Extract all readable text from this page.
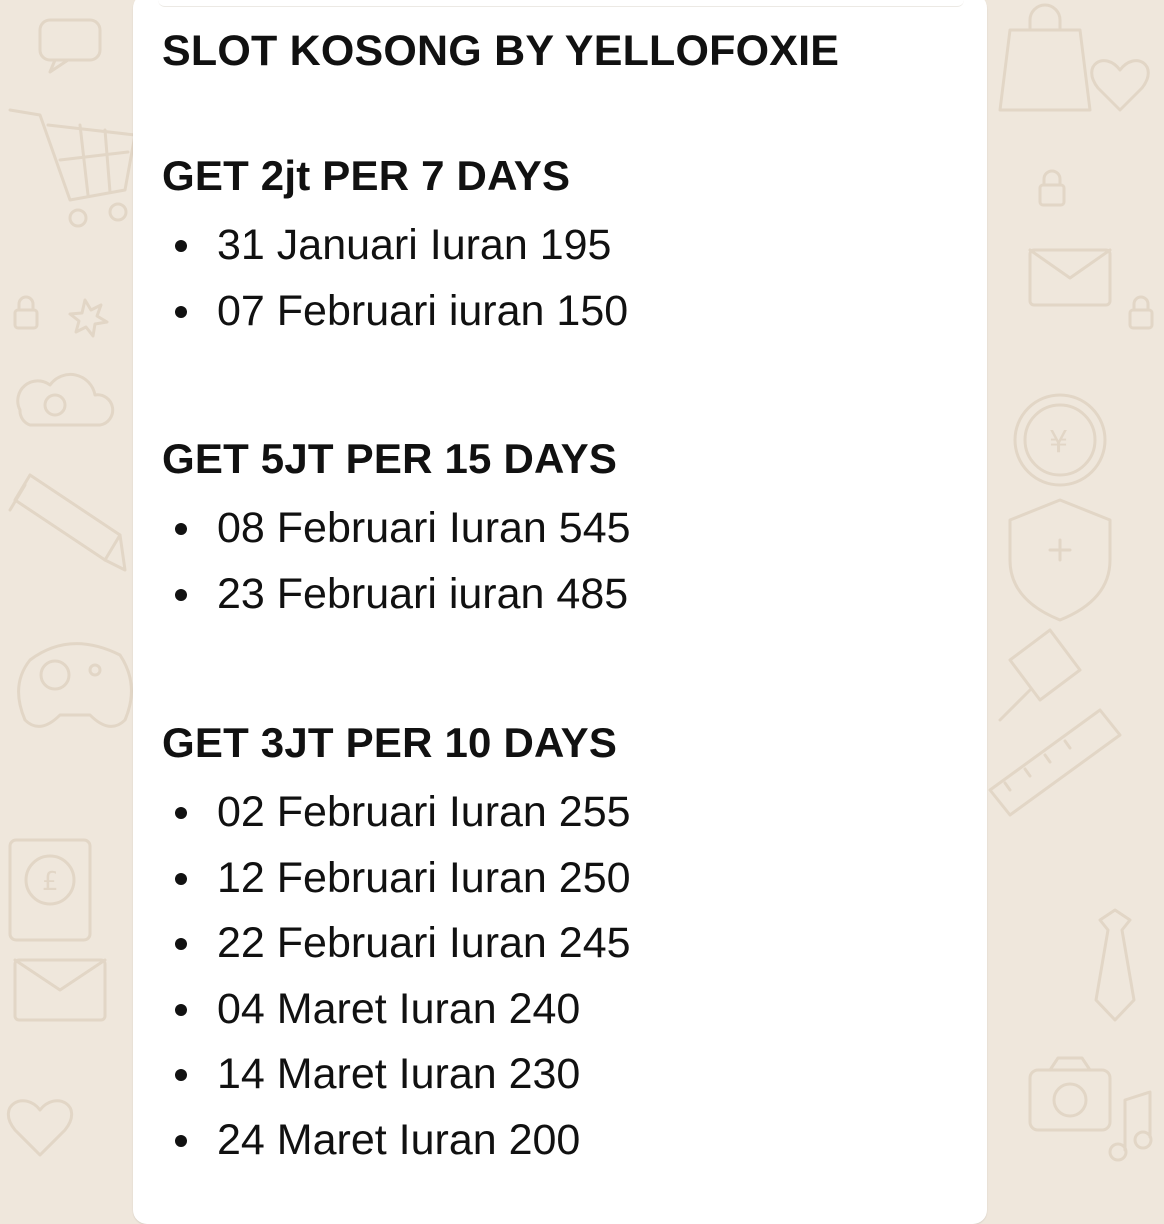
£
¥
SLOT KOSONG BY YELLOFOXIE
GET 2jt PER 7 DAYS
31 Januari Iuran 195
07 Februari iuran 150
GET 5JT PER 15 DAYS
08 Februari Iuran 545
23 Februari iuran 485
GET 3JT PER 10 DAYS
02 Februari Iuran 255
12 Februari Iuran 250
22 Februari Iuran 245
04 Maret Iuran 240
14 Maret Iuran 230
24 Maret Iuran 200
